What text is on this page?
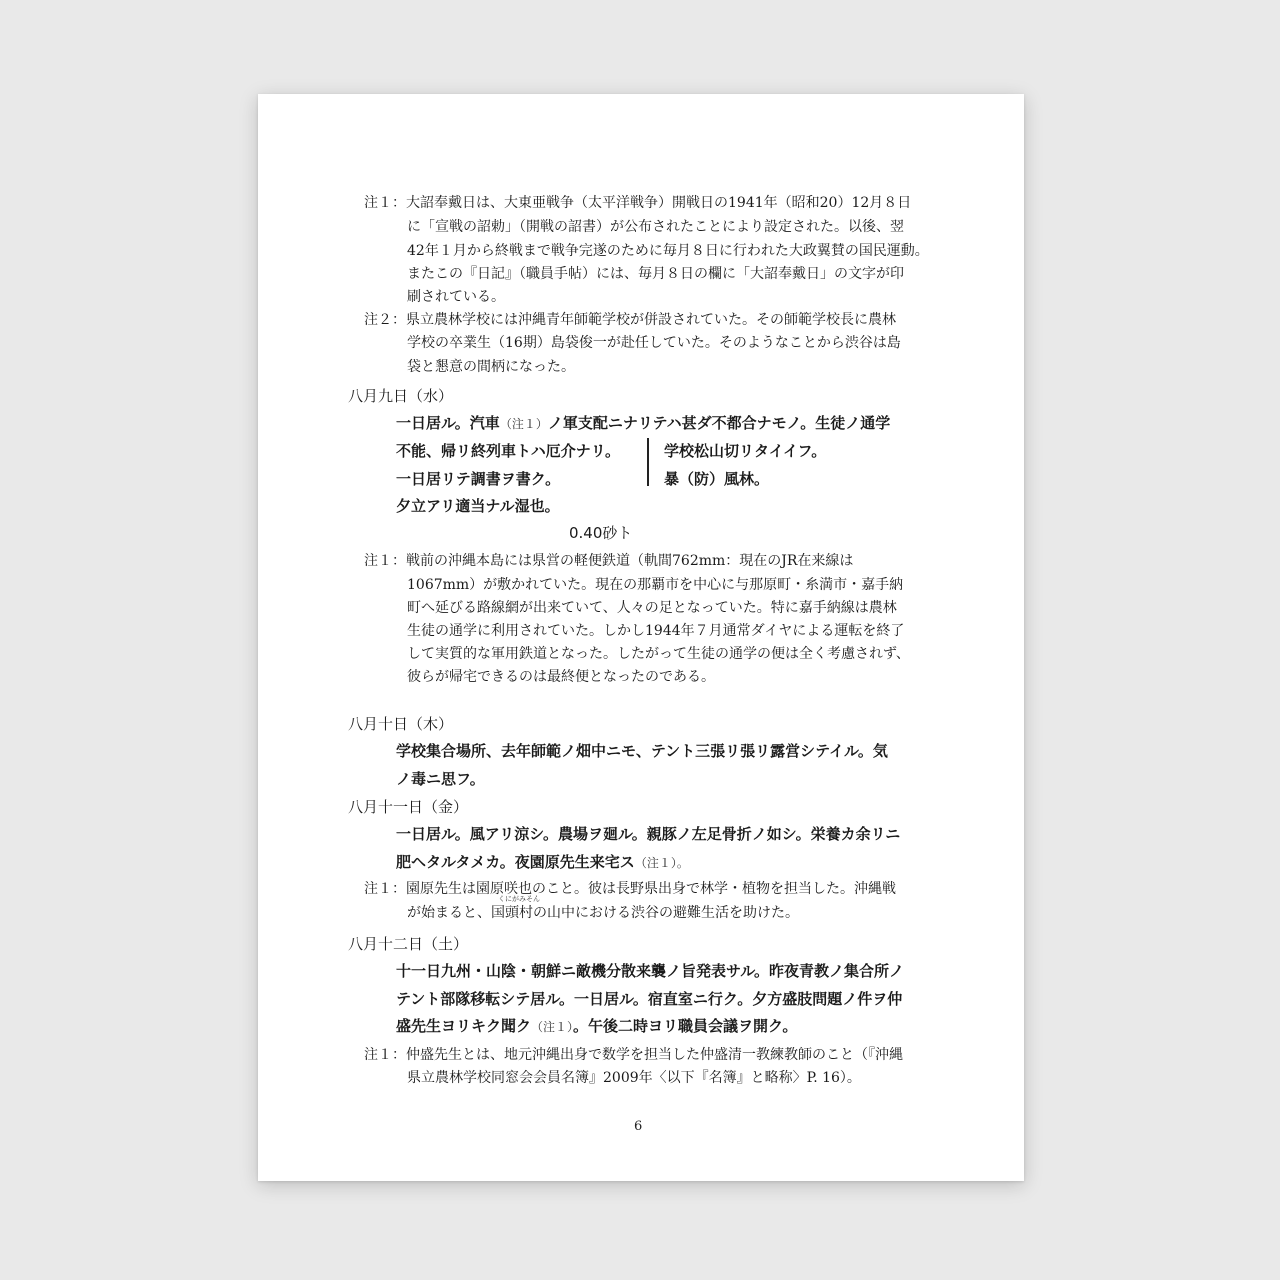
注１：大詔奉戴日は、大東亜戦争（太平洋戦争）開戦日の1941年（昭和20）12月８日
に「宣戦の詔勅」（開戦の詔書）が公布されたことにより設定された。以後、翌
42年１月から終戦まで戦争完遂のために毎月８日に行われた大政翼賛の国民運動。
またこの『日記』（職員手帖）には、毎月８日の欄に「大詔奉戴日」の文字が印
刷されている。
注２：県立農林学校には沖縄青年師範学校が併設されていた。その師範学校長に農林
学校の卒業生（16期）島袋俊一が赴任していた。そのようなことから渋谷は島
袋と懇意の間柄になった。
八月九日（水）
一日居ル。汽車（注１）ノ軍支配ニナリテハ甚ダ不都合ナモノ。生徒ノ通学
不能、帰リ終列車トハ厄介ナリ。	学校松山切リタイイフ。
一日居リテ調書ヲ書ク。	暴（防）風林。
夕立アリ適当ナル湿也。
0.40砂ト
注１：戦前の沖縄本島には県営の軽便鉄道（軌間762mm：現在のJR在来線は
1067mm）が敷かれていた。現在の那覇市を中心に与那原町・糸満市・嘉手納
町へ延びる路線網が出来ていて、人々の足となっていた。特に嘉手納線は農林
生徒の通学に利用されていた。しかし1944年７月通常ダイヤによる運転を終了
して実質的な軍用鉄道となった。したがって生徒の通学の便は全く考慮されず、
彼らが帰宅できるのは最終便となったのである。
八月十日（木）
学校集合場所、去年師範ノ畑中ニモ、テント三張リ張リ露営シテイル。気
ノ毒ニ思フ。
八月十一日（金）
一日居ル。風アリ涼シ。農場ヲ廻ル。親豚ノ左足骨折ノ如シ。栄養カ余リニ
肥ヘタルタメカ。夜園原先生来宅ス（注１）。
注１：園原先生は園原咲也のこと。彼は長野県出身で林学・植物を担当した。沖縄戦
くにがみそん
が始まると、国頭村の山中における渋谷の避難生活を助けた。
八月十二日（土）
十一日九州・山陰・朝鮮ニ敵機分散来襲ノ旨発表サル。昨夜青教ノ集合所ノ
テント部隊移転シテ居ル。一日居ル。宿直室ニ行ク。夕方盛肢問題ノ件ヲ仲
盛先生ヨリキク聞ク（注１）。午後二時ヨリ職員会議ヲ開ク。
注１：仲盛先生とは、地元沖縄出身で数学を担当した仲盛清一教練教師のこと（『沖縄
県立農林学校同窓会会員名簿』2009年〈以下『名簿』と略称〉P. 16）。
6
